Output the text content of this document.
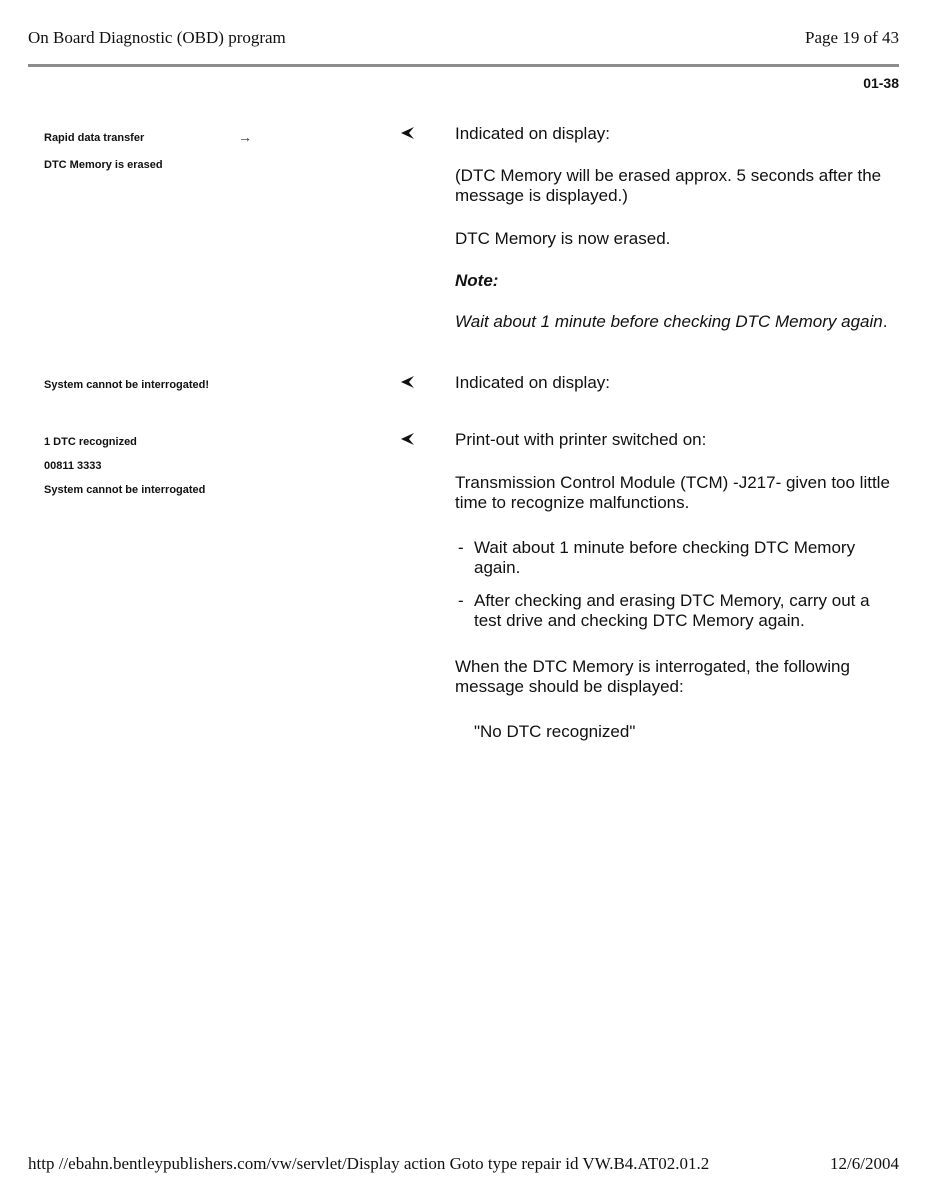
On Board Diagnostic (OBD) program	Page 19 of 43
01-38
Rapid data transfer	→
DTC Memory is erased
System cannot be interrogated!
1 DTC recognized
00811 3333
System cannot be interrogated

Indicated on display:

(DTC Memory will be erased approx. 5 seconds after the message is displayed.)

DTC Memory is now erased.

Note:

Wait about 1 minute before checking DTC Memory again.

Indicated on display:

Print-out with printer switched on:

Transmission Control Module (TCM) -J217- given too little time to recognize malfunctions.

- Wait about 1 minute before checking DTC Memory again.
- After checking and erasing DTC Memory, carry out a test drive and checking DTC Memory again.

When the DTC Memory is interrogated, the following message should be displayed:

"No DTC recognized"

http //ebahn.bentleypublishers.com/vw/servlet/Display action Goto type repair id VW.B4.AT02.01.2	12/6/2004
